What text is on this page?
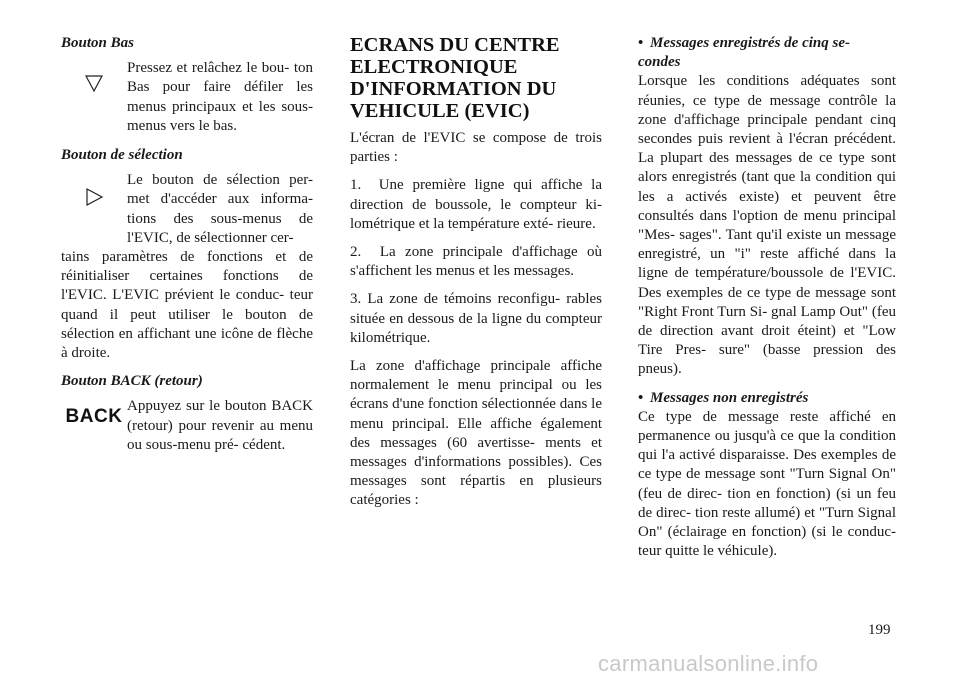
Bouton Bas

Pressez et relâchez le bou- ton Bas pour faire défiler les menus principaux et les sous-menus vers le bas.

Bouton de sélection

Le bouton de sélection per- met d'accéder aux informa- tions des sous-menus de l'EVIC, de sélectionner cer-

tains paramètres de fonctions et de réinitialiser certaines fonctions de l'EVIC. L'EVIC prévient le conduc- teur quand il peut utiliser le bouton de sélection en affichant une icône de flèche à droite.

Bouton BACK (retour)

BACK Appuyez sur le bouton BACK (retour) pour revenir au menu ou sous-menu pré- cédent.

ECRANS DU CENTRE ELECTRONIQUE D'INFORMATION DU VEHICULE (EVIC)

L'écran de l'EVIC se compose de trois parties :

1. Une première ligne qui affiche la direction de boussole, le compteur ki- lométrique et la température exté- rieure.

2. La zone principale d'affichage où s'affichent les menus et les messages.

3. La zone de témoins reconfigu- rables située en dessous de la ligne du compteur kilométrique.

La zone d'affichage principale affiche normalement le menu principal ou les écrans d'une fonction sélectionnée dans le menu principal. Elle affiche également des messages (60 avertisse- ments et messages d'informations possibles). Ces messages sont répartis en plusieurs catégories :

• Messages enregistrés de cinq se- condes

Lorsque les conditions adéquates sont réunies, ce type de message contrôle la zone d'affichage principale pendant cinq secondes puis revient à l'écran précédent. La plupart des messages de ce type sont alors enregistrés (tant que la condition qui les a activés existe) et peuvent être consultés dans l'option de menu principal "Mes- sages". Tant qu'il existe un message enregistré, un "i" reste affiché dans la ligne de température/boussole de l'EVIC. Des exemples de ce type de message sont "Right Front Turn Si- gnal Lamp Out" (feu de direction avant droit éteint) et "Low Tire Pres- sure" (basse pression des pneus).

• Messages non enregistrés

Ce type de message reste affiché en permanence ou jusqu'à ce que la condition qui l'a activé disparaisse. Des exemples de ce type de message sont "Turn Signal On" (feu de direc- tion en fonction) (si un feu de direc- tion reste allumé) et "Turn Signal On" (éclairage en fonction) (si le conduc- teur quitte le véhicule).

199
carmanualsonline.info
